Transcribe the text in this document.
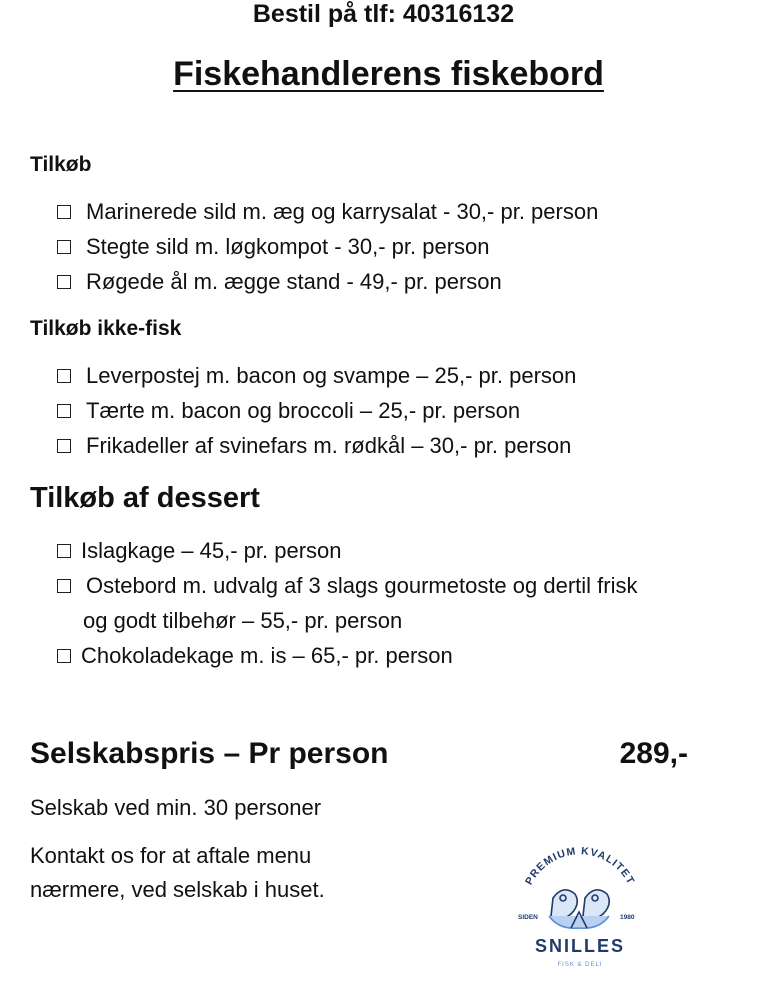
Bestil på tlf: 40316132
Fiskehandlerens fiskebord
Tilkøb
Marinerede sild m. æg og karrysalat - 30,- pr. person
Stegte sild m. løgkompot - 30,- pr. person
Røgede ål m. ægge stand - 49,- pr. person
Tilkøb ikke-fisk
Leverpostej m. bacon og svampe – 25,- pr. person
Tærte m. bacon og broccoli – 25,- pr. person
Frikadeller af svinefars m. rødkål – 30,- pr. person
Tilkøb af dessert
Islagkage – 45,- pr. person
Ostebord m. udvalg af 3 slags gourmetoste og dertil frisk
og godt tilbehør – 55,- pr. person
Chokoladekage m. is – 65,- pr. person
Selskabspris – Pr person	289,-
Selskab ved min. 30 personer
Kontakt os for at aftale menu
nærmere, ved selskab i huset.	PREMIUM KVALITET
SIDEN	1980
SNILLES
FISK & DELI
